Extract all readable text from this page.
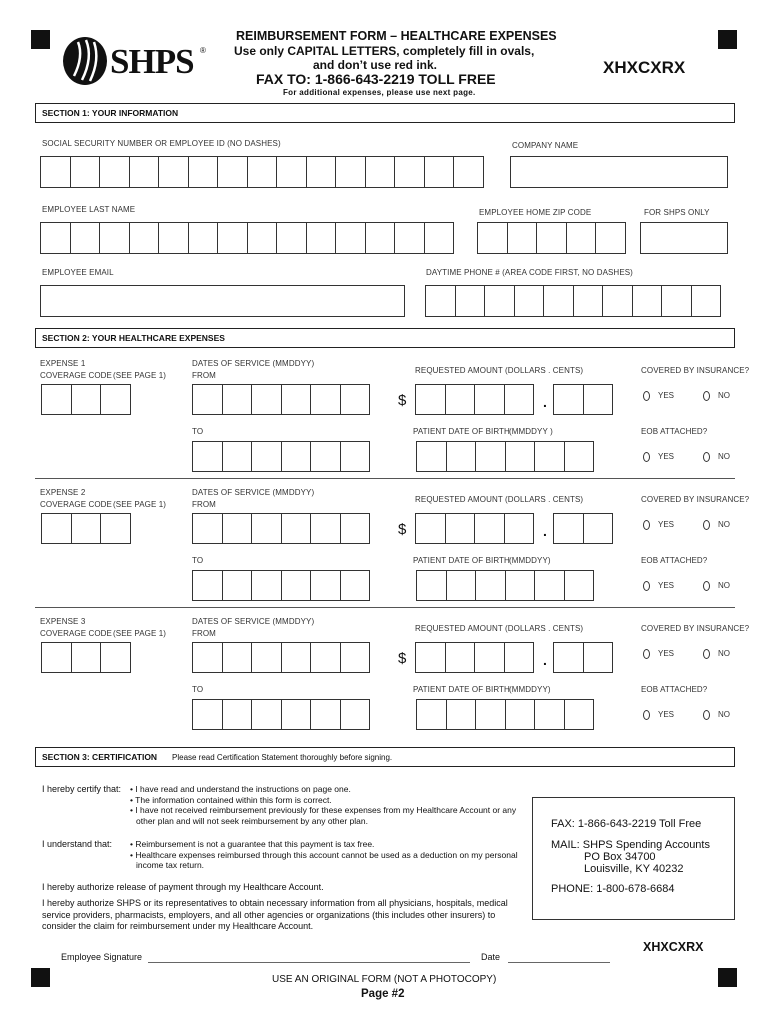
SHPS ®
REIMBURSEMENT FORM – HEALTHCARE EXPENSES
Use only CAPITAL LETTERS, completely fill in ovals,
and don’t use red ink.
FAX TO: 1-866-643-2219 TOLL FREE
For additional expenses, please use next page.
XHXCXRX
SECTION 1: YOUR INFORMATION
SOCIAL SECURITY NUMBER OR EMPLOYEE ID (NO DASHES)	COMPANY NAME
EMPLOYEE LAST NAME	EMPLOYEE HOME ZIP CODE	FOR SHPS ONLY
EMPLOYEE EMAIL	DAYTIME PHONE # (AREA CODE FIRST, NO DASHES)
SECTION 2: YOUR HEALTHCARE EXPENSES
EXPENSE 1
COVERAGE CODE (SEE PAGE 1)
DATES OF SERVICE (MMDDYY)
FROM
TO
REQUESTED AMOUNT (DOLLARS . CENTS)
$	.
PATIENT DATE OF BIRTH (MMDDYY )
COVERED BY INSURANCE?
YES	NO
EOB ATTACHED?
YES	NO
EXPENSE 2
COVERAGE CODE (SEE PAGE 1)
DATES OF SERVICE (MMDDYY)
FROM
TO
REQUESTED AMOUNT (DOLLARS . CENTS)
$	.
PATIENT DATE OF BIRTH (MMDDYY)
COVERED BY INSURANCE?
YES	NO
EOB ATTACHED?
YES	NO
EXPENSE 3
COVERAGE CODE (SEE PAGE 1)
DATES OF SERVICE (MMDDYY)
FROM
TO
REQUESTED AMOUNT (DOLLARS . CENTS)
$	.
PATIENT DATE OF BIRTH (MMDDYY)
COVERED BY INSURANCE?
YES	NO
EOB ATTACHED?
YES	NO
SECTION 3: CERTIFICATION Please read Certification Statement thoroughly before signing.
I hereby certify that: • I have read and understand the instructions on page one.
• The information contained within this form is correct.
• I have not received reimbursement previously for these expenses from my Healthcare Account or any other plan and will not seek reimbursement by any other plan.
I understand that: • Reimbursement is not a guarantee that this payment is tax free.
• Healthcare expenses reimbursed through this account cannot be used as a deduction on my personal income tax return.
I hereby authorize release of payment through my Healthcare Account.
I hereby authorize SHPS or its representatives to obtain necessary information from all physicians, hospitals, medical service providers, pharmacists, employers, and all other agencies or organizations (this includes other insurers) to consider the claim for reimbursement under my Healthcare Account.
FAX: 1-866-643-2219 Toll Free
MAIL: SHPS Spending Accounts
PO Box 34700
Louisville, KY 40232
PHONE: 1-800-678-6684
XHXCXRX
Employee Signature	Date
USE AN ORIGINAL FORM (NOT A PHOTOCOPY)
Page #2
